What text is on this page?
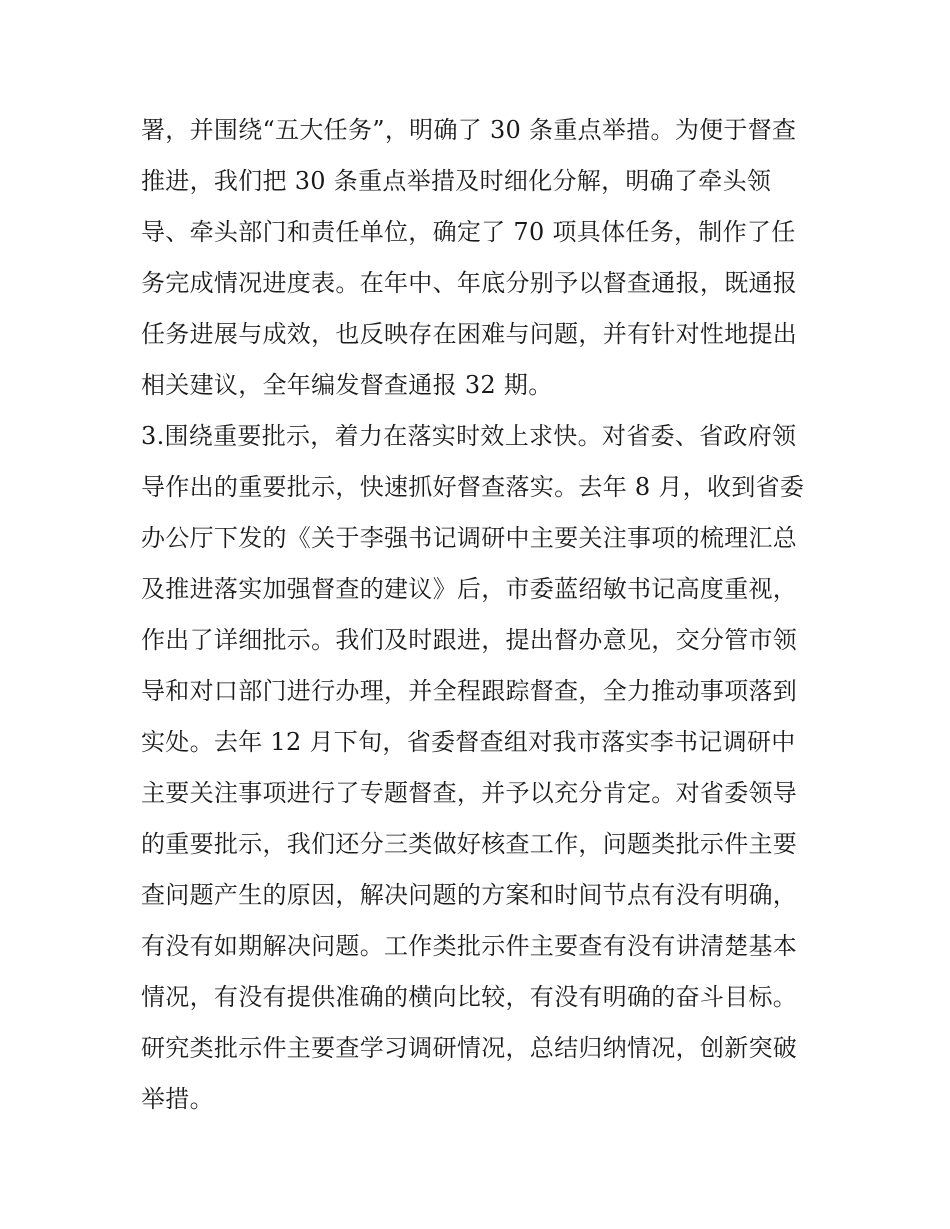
署，并围绕“五大任务”，明确了 30 条重点举措。为便于督查
推进，我们把 30 条重点举措及时细化分解，明确了牵头领
导、牵头部门和责任单位，确定了 70 项具体任务，制作了任
务完成情况进度表。在年中、年底分别予以督查通报，既通报
任务进展与成效，也反映存在困难与问题，并有针对性地提出
相关建议，全年编发督查通报 32 期。
3.围绕重要批示，着力在落实时效上求快。对省委、省政府领
导作出的重要批示，快速抓好督查落实。去年 8 月，收到省委
办公厅下发的《关于李强书记调研中主要关注事项的梳理汇总
及推进落实加强督查的建议》后，市委蓝绍敏书记高度重视，
作出了详细批示。我们及时跟进，提出督办意见，交分管市领
导和对口部门进行办理，并全程跟踪督查，全力推动事项落到
实处。去年 12 月下旬，省委督查组对我市落实李书记调研中
主要关注事项进行了专题督查，并予以充分肯定。对省委领导
的重要批示，我们还分三类做好核查工作，问题类批示件主要
查问题产生的原因，解决问题的方案和时间节点有没有明确，
有没有如期解决问题。工作类批示件主要查有没有讲清楚基本
情况，有没有提供准确的横向比较，有没有明确的奋斗目标。
研究类批示件主要查学习调研情况，总结归纳情况，创新突破
举措。
